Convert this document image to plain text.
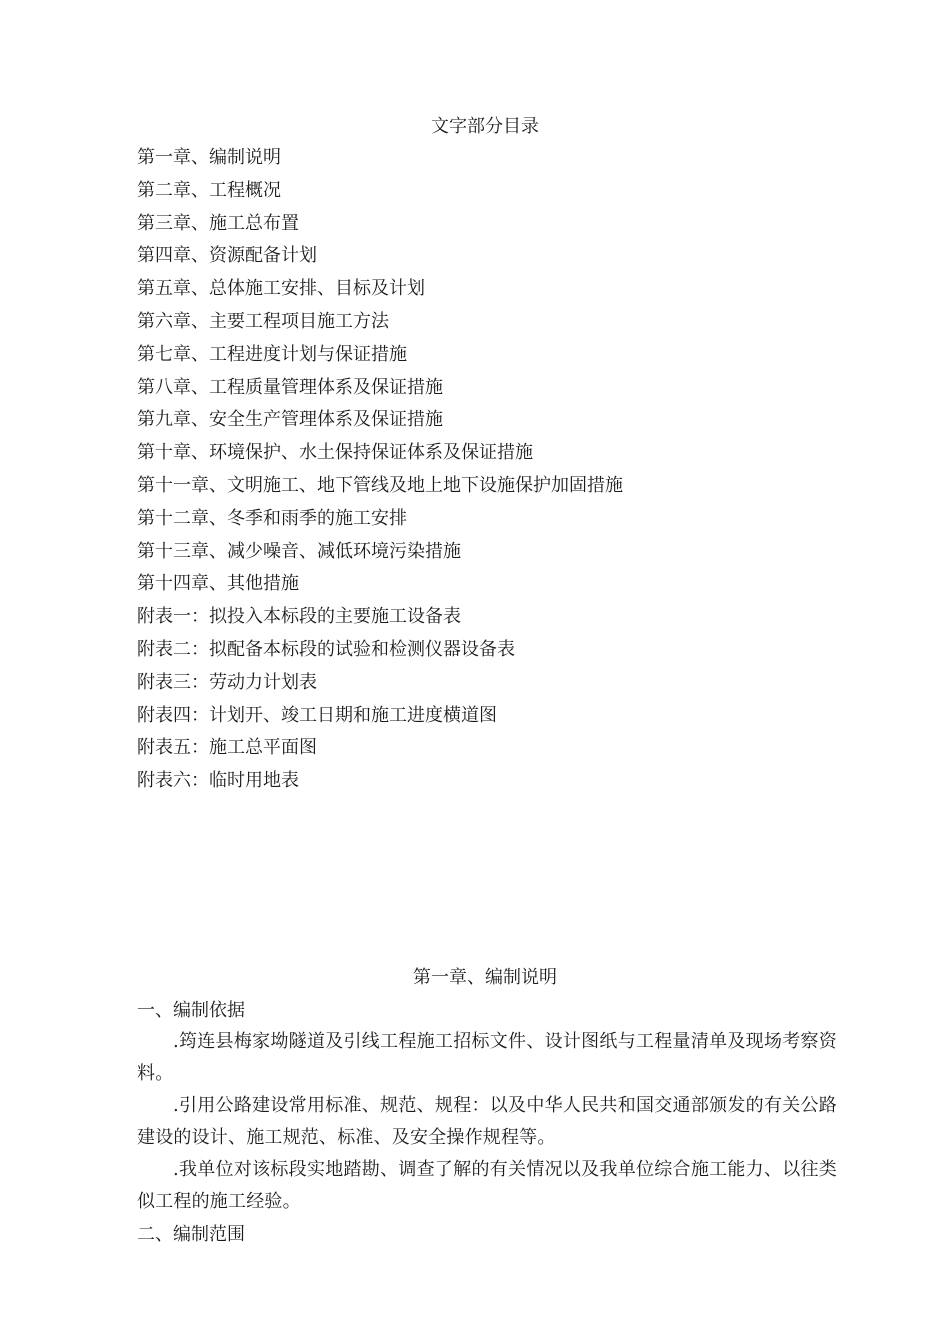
文字部分目录
第一章、编制说明
第二章、工程概况
第三章、施工总布置
第四章、资源配备计划
第五章、总体施工安排、目标及计划
第六章、主要工程项目施工方法
第七章、工程进度计划与保证措施
第八章、工程质量管理体系及保证措施
第九章、安全生产管理体系及保证措施
第十章、环境保护、水土保持保证体系及保证措施
第十一章、文明施工、地下管线及地上地下设施保护加固措施
第十二章、冬季和雨季的施工安排
第十三章、减少噪音、减低环境污染措施
第十四章、其他措施
附表一：拟投入本标段的主要施工设备表
附表二：拟配备本标段的试验和检测仪器设备表
附表三：劳动力计划表
附表四：计划开、竣工日期和施工进度横道图
附表五：施工总平面图
附表六：临时用地表
第一章、编制说明

一、编制依据

.筠连县梅家坳隧道及引线工程施工招标文件、设计图纸与工程量清单及现场考察资料。

.引用公路建设常用标准、规范、规程：以及中华人民共和国交通部颁发的有关公路建设的设计、施工规范、标准、及安全操作规程等。

.我单位对该标段实地踏勘、调查了解的有关情况以及我单位综合施工能力、以往类似工程的施工经验。

二、编制范围
